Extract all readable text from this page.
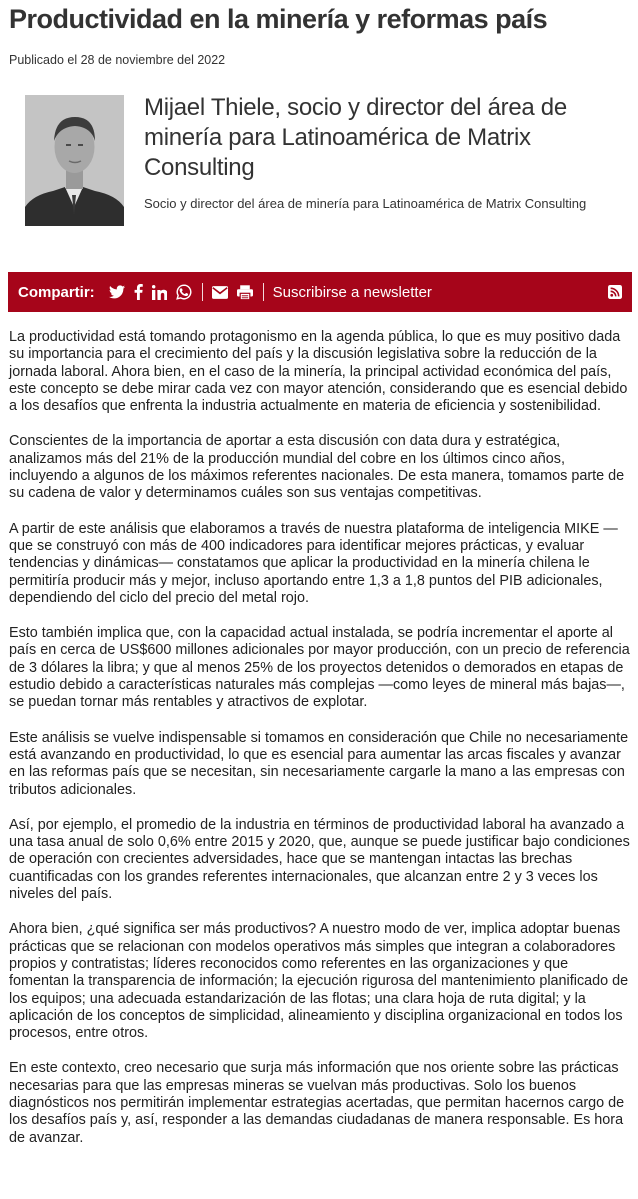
Productividad en la minería y reformas país
Publicado el 28 de noviembre del 2022
Mijael Thiele, socio y director del área de minería para Latinoamérica de Matrix Consulting
Socio y director del área de minería para Latinoamérica de Matrix Consulting
Compartir:	Suscribirse a newsletter

La productividad está tomando protagonismo en la agenda pública, lo que es muy positivo dada su importancia para el crecimiento del país y la discusión legislativa sobre la reducción de la jornada laboral. Ahora bien, en el caso de la minería, la principal actividad económica del país, este concepto se debe mirar cada vez con mayor atención, considerando que es esencial debido a los desafíos que enfrenta la industria actualmente en materia de eficiencia y sostenibilidad.

Conscientes de la importancia de aportar a esta discusión con data dura y estratégica, analizamos más del 21% de la producción mundial del cobre en los últimos cinco años, incluyendo a algunos de los máximos referentes nacionales. De esta manera, tomamos parte de su cadena de valor y determinamos cuáles son sus ventajas competitivas.

A partir de este análisis que elaboramos a través de nuestra plataforma de inteligencia MIKE —que se construyó con más de 400 indicadores para identificar mejores prácticas, y evaluar tendencias y dinámicas— constatamos que aplicar la productividad en la minería chilena le permitiría producir más y mejor, incluso aportando entre 1,3 a 1,8 puntos del PIB adicionales, dependiendo del ciclo del precio del metal rojo.

Esto también implica que, con la capacidad actual instalada, se podría incrementar el aporte al país en cerca de US$600 millones adicionales por mayor producción, con un precio de referencia de 3 dólares la libra; y que al menos 25% de los proyectos detenidos o demorados en etapas de estudio debido a características naturales más complejas —como leyes de mineral más bajas—, se puedan tornar más rentables y atractivos de explotar.

Este análisis se vuelve indispensable si tomamos en consideración que Chile no necesariamente está avanzando en productividad, lo que es esencial para aumentar las arcas fiscales y avanzar en las reformas país que se necesitan, sin necesariamente cargarle la mano a las empresas con tributos adicionales.

Así, por ejemplo, el promedio de la industria en términos de productividad laboral ha avanzado a una tasa anual de solo 0,6% entre 2015 y 2020, que, aunque se puede justificar bajo condiciones de operación con crecientes adversidades, hace que se mantengan intactas las brechas cuantificadas con los grandes referentes internacionales, que alcanzan entre 2 y 3 veces los niveles del país.

Ahora bien, ¿qué significa ser más productivos? A nuestro modo de ver, implica adoptar buenas prácticas que se relacionan con modelos operativos más simples que integran a colaboradores propios y contratistas; líderes reconocidos como referentes en las organizaciones y que fomentan la transparencia de información; la ejecución rigurosa del mantenimiento planificado de los equipos; una adecuada estandarización de las flotas; una clara hoja de ruta digital; y la aplicación de los conceptos de simplicidad, alineamiento y disciplina organizacional en todos los procesos, entre otros.

En este contexto, creo necesario que surja más información que nos oriente sobre las prácticas necesarias para que las empresas mineras se vuelvan más productivas. Solo los buenos diagnósticos nos permitirán implementar estrategias acertadas, que permitan hacernos cargo de los desafíos país y, así, responder a las demandas ciudadanas de manera responsable. Es hora de avanzar.
